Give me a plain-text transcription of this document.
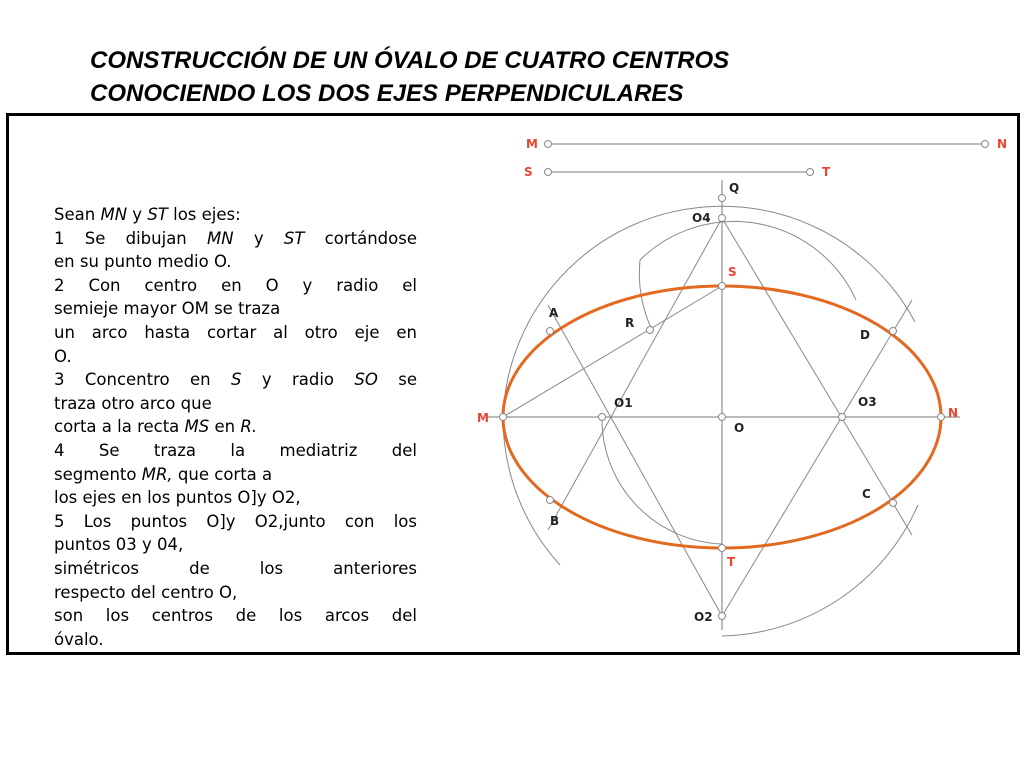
CONSTRUCCIÓN DE UN ÓVALO DE CUATRO CENTROS
CONOCIENDO LOS DOS EJES PERPENDICULARES
Sean MN y ST los ejes:
1 Se dibujan MN y ST cortándose
en su punto medio O.
2 Con centro en O y radio el
semieje mayor OM se traza
un arco hasta cortar al otro eje en
O.
3 Concentro en S y radio SO se
traza otro arco que
corta a la recta MS en R.
4 Se traza la mediatriz del
segmento MR, que corta a
los ejes en los puntos O]y O2,
5 Los puntos O]y O2,junto con los
puntos 03 y 04,
simétricos de los anteriores
respecto del centro O,
son los centros de los arcos del
óvalo.
M	N
S	T
Q
O4
S
A
R
D
M
O1
O
O3
N
C
B
T
O2
